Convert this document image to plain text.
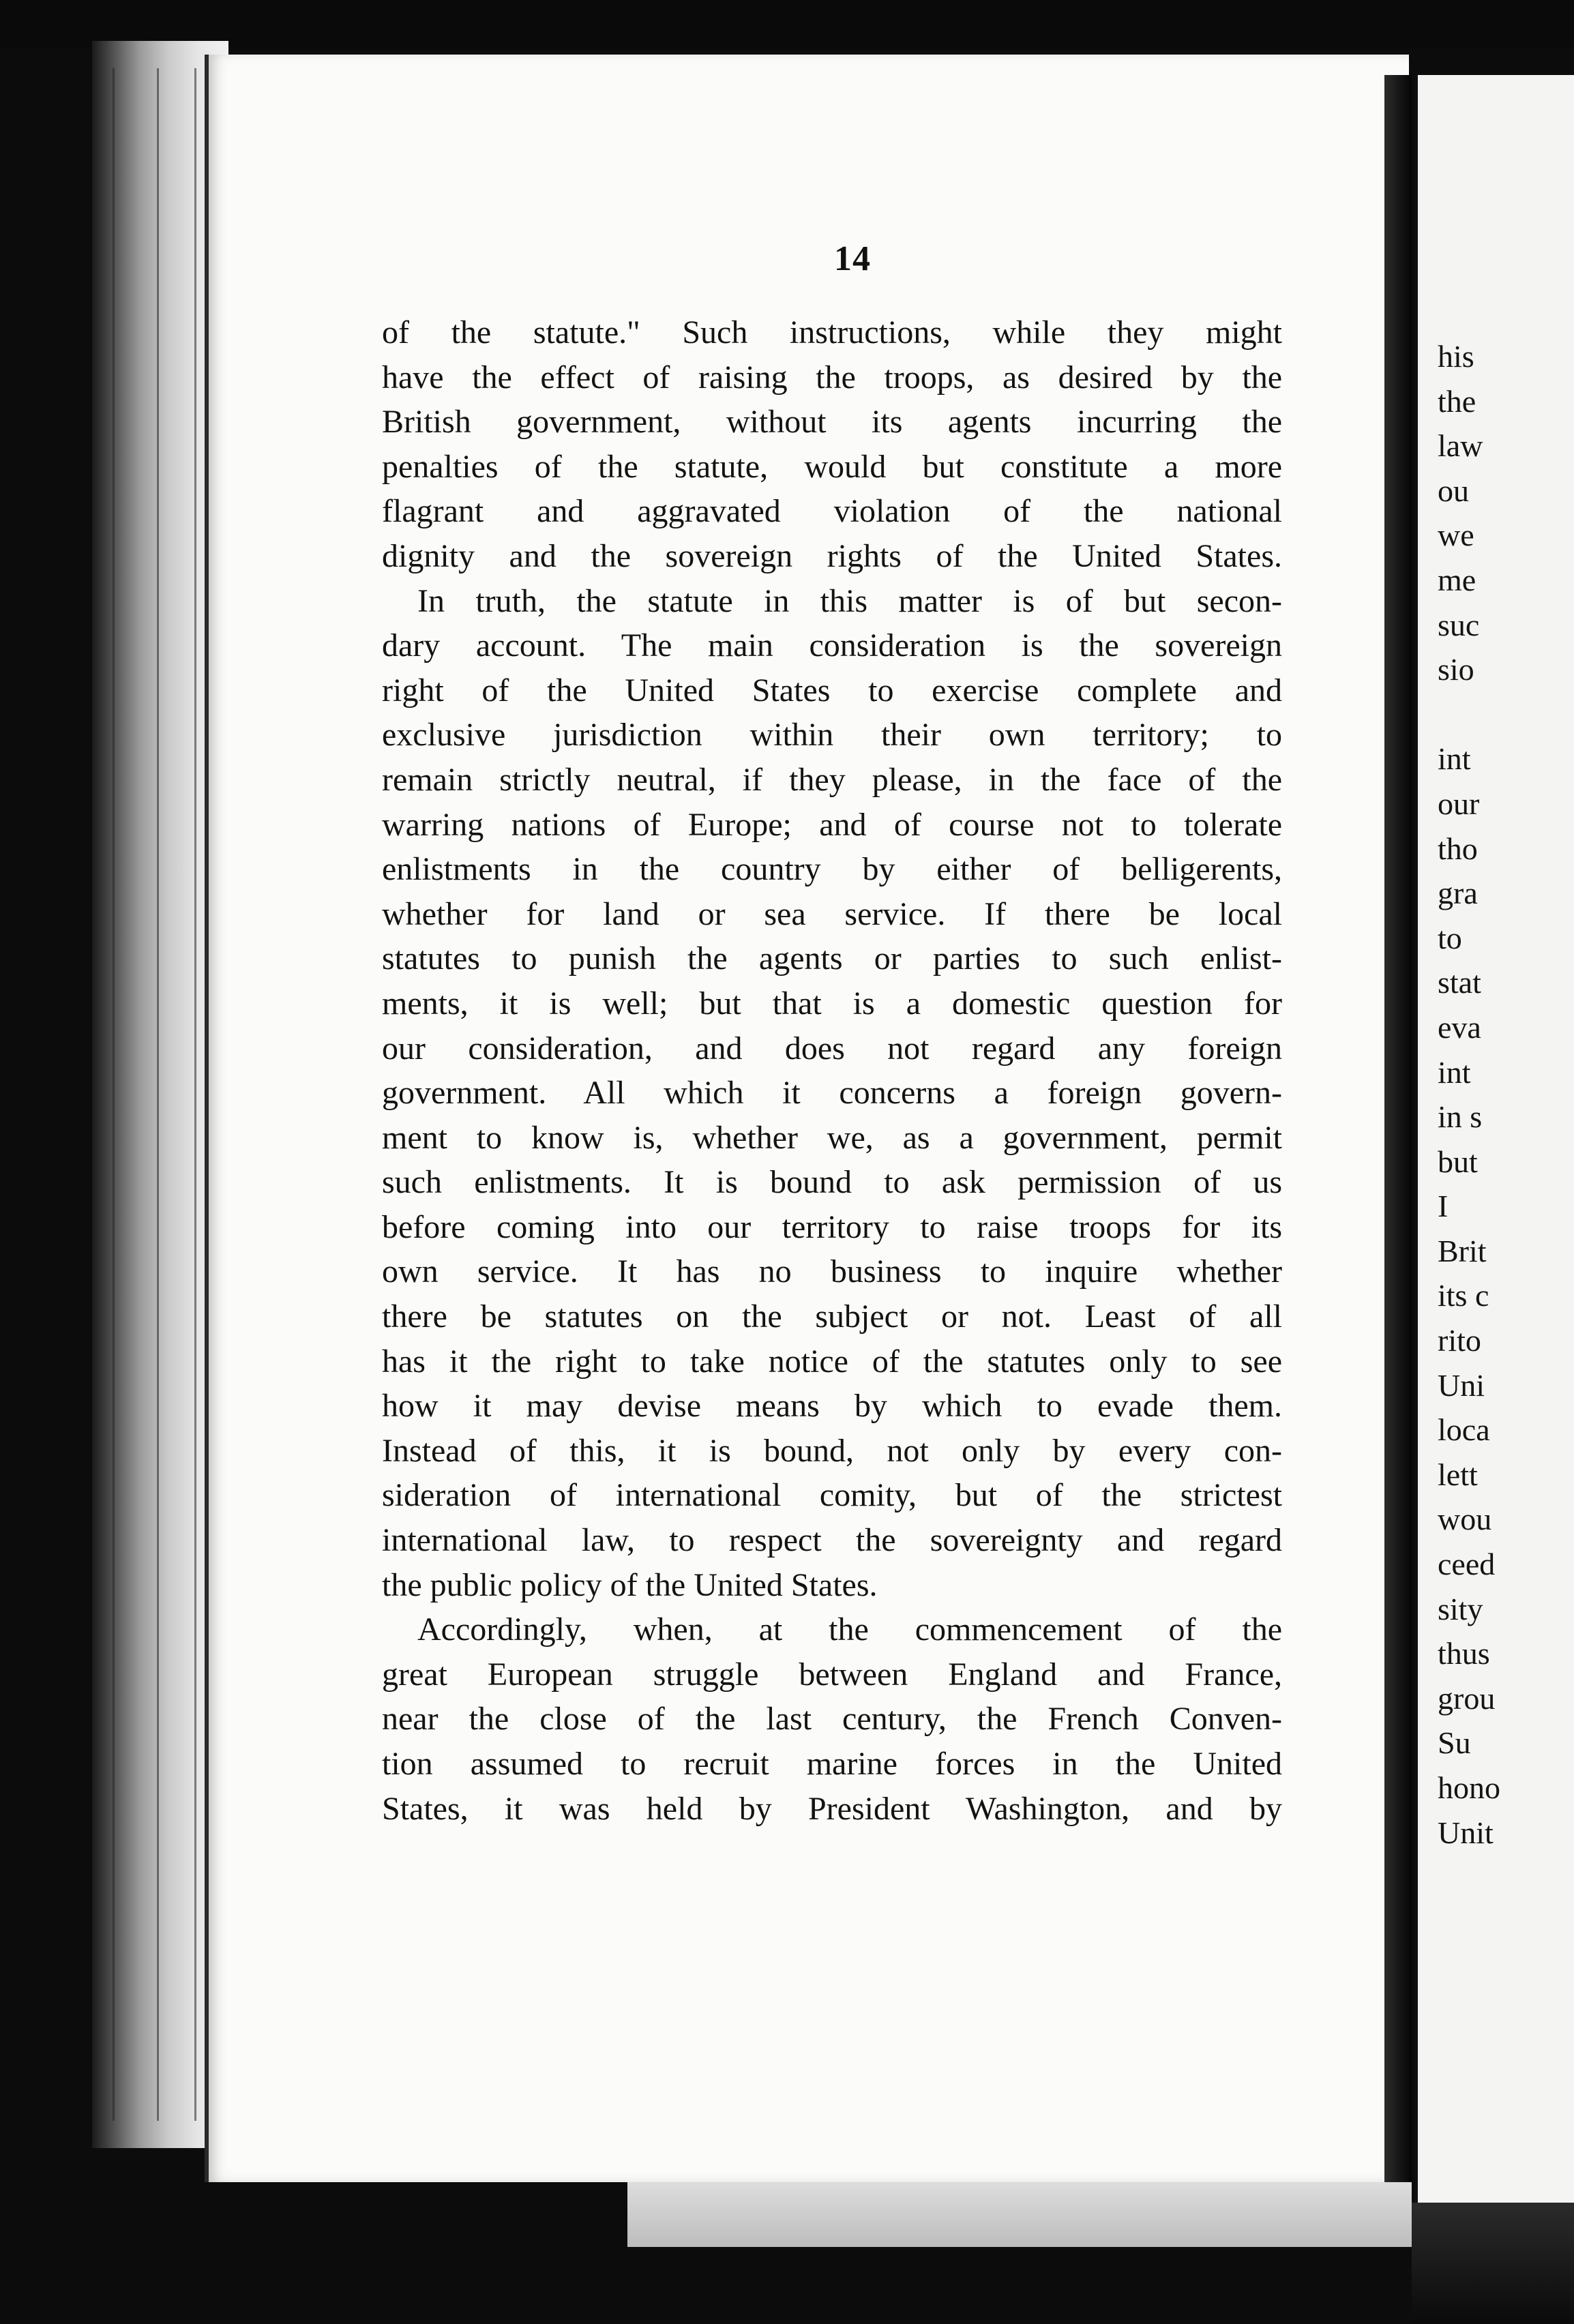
14
of the statute." Such instructions, while they might
have the effect of raising the troops, as desired by the
British government, without its agents incurring the
penalties of the statute, would but constitute a more
flagrant and aggravated violation of the national
dignity and the sovereign rights of the United States.
In truth, the statute in this matter is of but secon-
dary account. The main consideration is the sovereign
right of the United States to exercise complete and
exclusive jurisdiction within their own territory; to
remain strictly neutral, if they please, in the face of the
warring nations of Europe; and of course not to tolerate
enlistments in the country by either of belligerents,
whether for land or sea service. If there be local
statutes to punish the agents or parties to such enlist-
ments, it is well; but that is a domestic question for
our consideration, and does not regard any foreign
government. All which it concerns a foreign govern-
ment to know is, whether we, as a government, permit
such enlistments. It is bound to ask permission of us
before coming into our territory to raise troops for its
own service. It has no business to inquire whether
there be statutes on the subject or not. Least of all
has it the right to take notice of the statutes only to see
how it may devise means by which to evade them.
Instead of this, it is bound, not only by every con-
sideration of international comity, but of the strictest
international law, to respect the sovereignty and regard
the public policy of the United States.
Accordingly, when, at the commencement of the
great European struggle between England and France,
near the close of the last century, the French Conven-
tion assumed to recruit marine forces in the United
States, it was held by President Washington, and by
his
the
law
ou
we
me
suc
sio
int
our
tho
gra
to
stat
eva
int
in s
but
I
Brit
its c
rito
Uni
loca
lett
wou
ceed
sity
thus
grou
Su
hono
Unit
